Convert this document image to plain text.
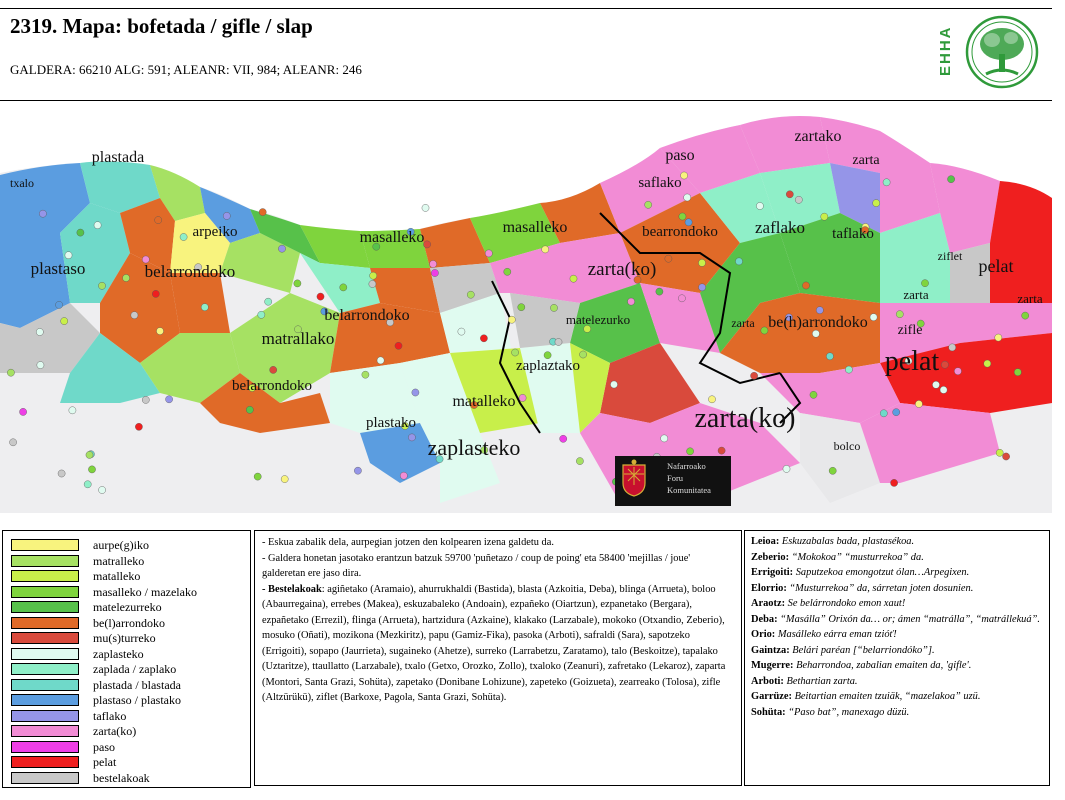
2319. Mapa: bofetada / gifle / slap
GALDERA: 66210 ALG: 591; ALEANR: VII, 984; ALEANR: 246	EHHA
plastada
txalo
arpeiko
plastaso	belarrondoko
masalleko
masalleko
matrallako
belarrondoko
belarrondoko
plastako
zaplasteko
zaplaztako
matalleko
zarta(ko)
matelezurko
bearrondoko
paso
saflako
zartako
zarta
zaflako taflako
ziflet pelat
zarta	zarta
be(h)arrondoko
zarta	zifle
pelat
zarta(ko)
bolco
Nafarroako
Foru
Komunitatea
aurpe(g)iko
matralleko
matalleko
masalleko / mazelako
matelezurreko
be(l)arrondoko
mu(s)turreko
zaplasteko
zaplada / zaplako
plastada / blastada
plastaso / plastako
taflako
zarta(ko)
paso
pelat
bestelakoak

- Eskua zabalik dela, aurpegian jotzen den kolpearen izena galdetu da.

- Galdera honetan jasotako erantzun batzuk 59700 'puñetazo / coup de poing' eta 58400 'mejillas / joue' galderetan ere jaso dira.

- Bestelakoak: agiñetako (Aramaio), ahurrukhaldi (Bastida), blasta (Azkoitia, Deba), blinga (Arrueta), boloo (Abaurregaina), errebes (Makea), eskuzabaleko (Andoain), ezpañeko (Oiartzun), ezpanetako (Bergara), ezpañetako (Errezil), flinga (Arrueta), hartzidura (Azkaine), klakako (Larzabale), mokoko (Otxandio, Zeberio), mosuko (Oñati), mozikona (Mezkiritz), papu (Gamiz-Fika), pasoka (Arboti), safraldi (Sara), sapotzeko (Errigoiti), sopapo (Jaurrieta), sugaineko (Ahetze), surreko (Larrabetzu, Zaratamo), talo (Beskoitze), tapalako (Uztaritze), ttaullatto (Larzabale), txalo (Getxo, Orozko, Zollo), txaloko (Zeanuri), zafretako (Lekaroz), zaparta (Montori, Santa Grazi, Sohüta), zapetako (Donibane Lohizune), zapeteko (Goizueta), zearreako (Tolosa), zifle (Altzürükü), ziflet (Barkoxe, Pagola, Santa Grazi, Sohüta).

Leioa: Eskuzabalas bada, plastasékoa.

Zeberio: “Mokokoa” “musturrekoa” da.

Errigoiti: Saputzekoa emongotzut ólan…Arpegixen.

Elorrio: “Musturrekoa” da, sárretan joten dosunien.

Araotz: Se belárrondoko emon xaut!

Deba: “Masálla” Orixón da… or; ámen “matrálla”, “matrállekuá”.

Orio: Masálleko eárra eman tzióť!

Gaintza: Belári paréan [“belarriondóko”].

Mugerre: Beharrondoa, zabalian emaiten da, 'gifle'.

Arboti: Bethartian zarta.

Garrüze: Beitartian emaiten tzuiäk, “mazelakoa” uzü.

Sohüta: “Paso bat”, manexago düzü.
